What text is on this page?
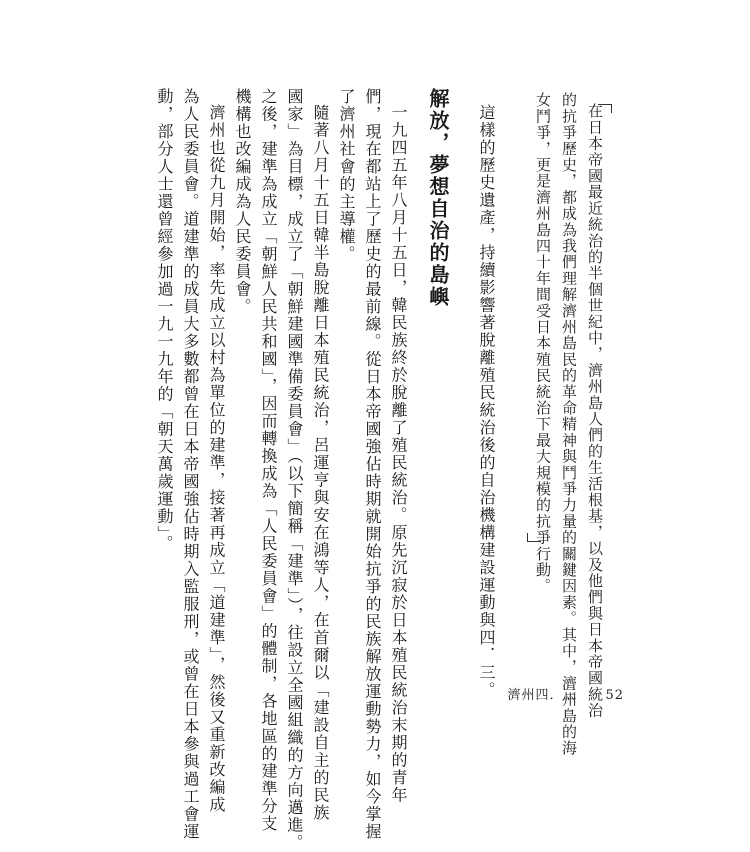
在日本帝國最近統治的半個世紀中，濟州島人們的生活根基，以及他們與日本帝國統治

的抗爭歷史，都成為我們理解濟州島民的革命精神與鬥爭力量的關鍵因素。其中，濟州島的海

女鬥爭，更是濟州島四十年間受日本殖民統治下最大規模的抗爭行動。

這樣的歷史遺產，持續影響著脫離殖民統治後的自治機構建設運動與四．三。

解放，夢想自治的島嶼

一九四五年八月十五日，韓民族終於脫離了殖民統治。原先沉寂於日本殖民統治末期的青年

們，現在都站上了歷史的最前線。從日本帝國強佔時期就開始抗爭的民族解放運動勢力，如今掌握

了濟州社會的主導權。

隨著八月十五日韓半島脫離日本殖民統治，呂運亨與安在鴻等人，在首爾以「建設自主的民族

國家」為目標，成立了「朝鮮建國準備委員會」（以下簡稱「建準」），往設立全國組織的方向邁進。

之後，建準為成立「朝鮮人民共和國」，因而轉換成為「人民委員會」的體制，各地區的建準分支

機構也改編成為人民委員會。

濟州也從九月開始，率先成立以村為單位的建準，接著再成立「道建準」，然後又重新改編成

為人民委員會。道建準的成員大多數都曾在日本帝國強佔時期入監服刑，或曾在日本參與過工會運

動，部分人士還曾經參加過一九一九年的「朝天萬歲運動」。

濟州四．三 52
